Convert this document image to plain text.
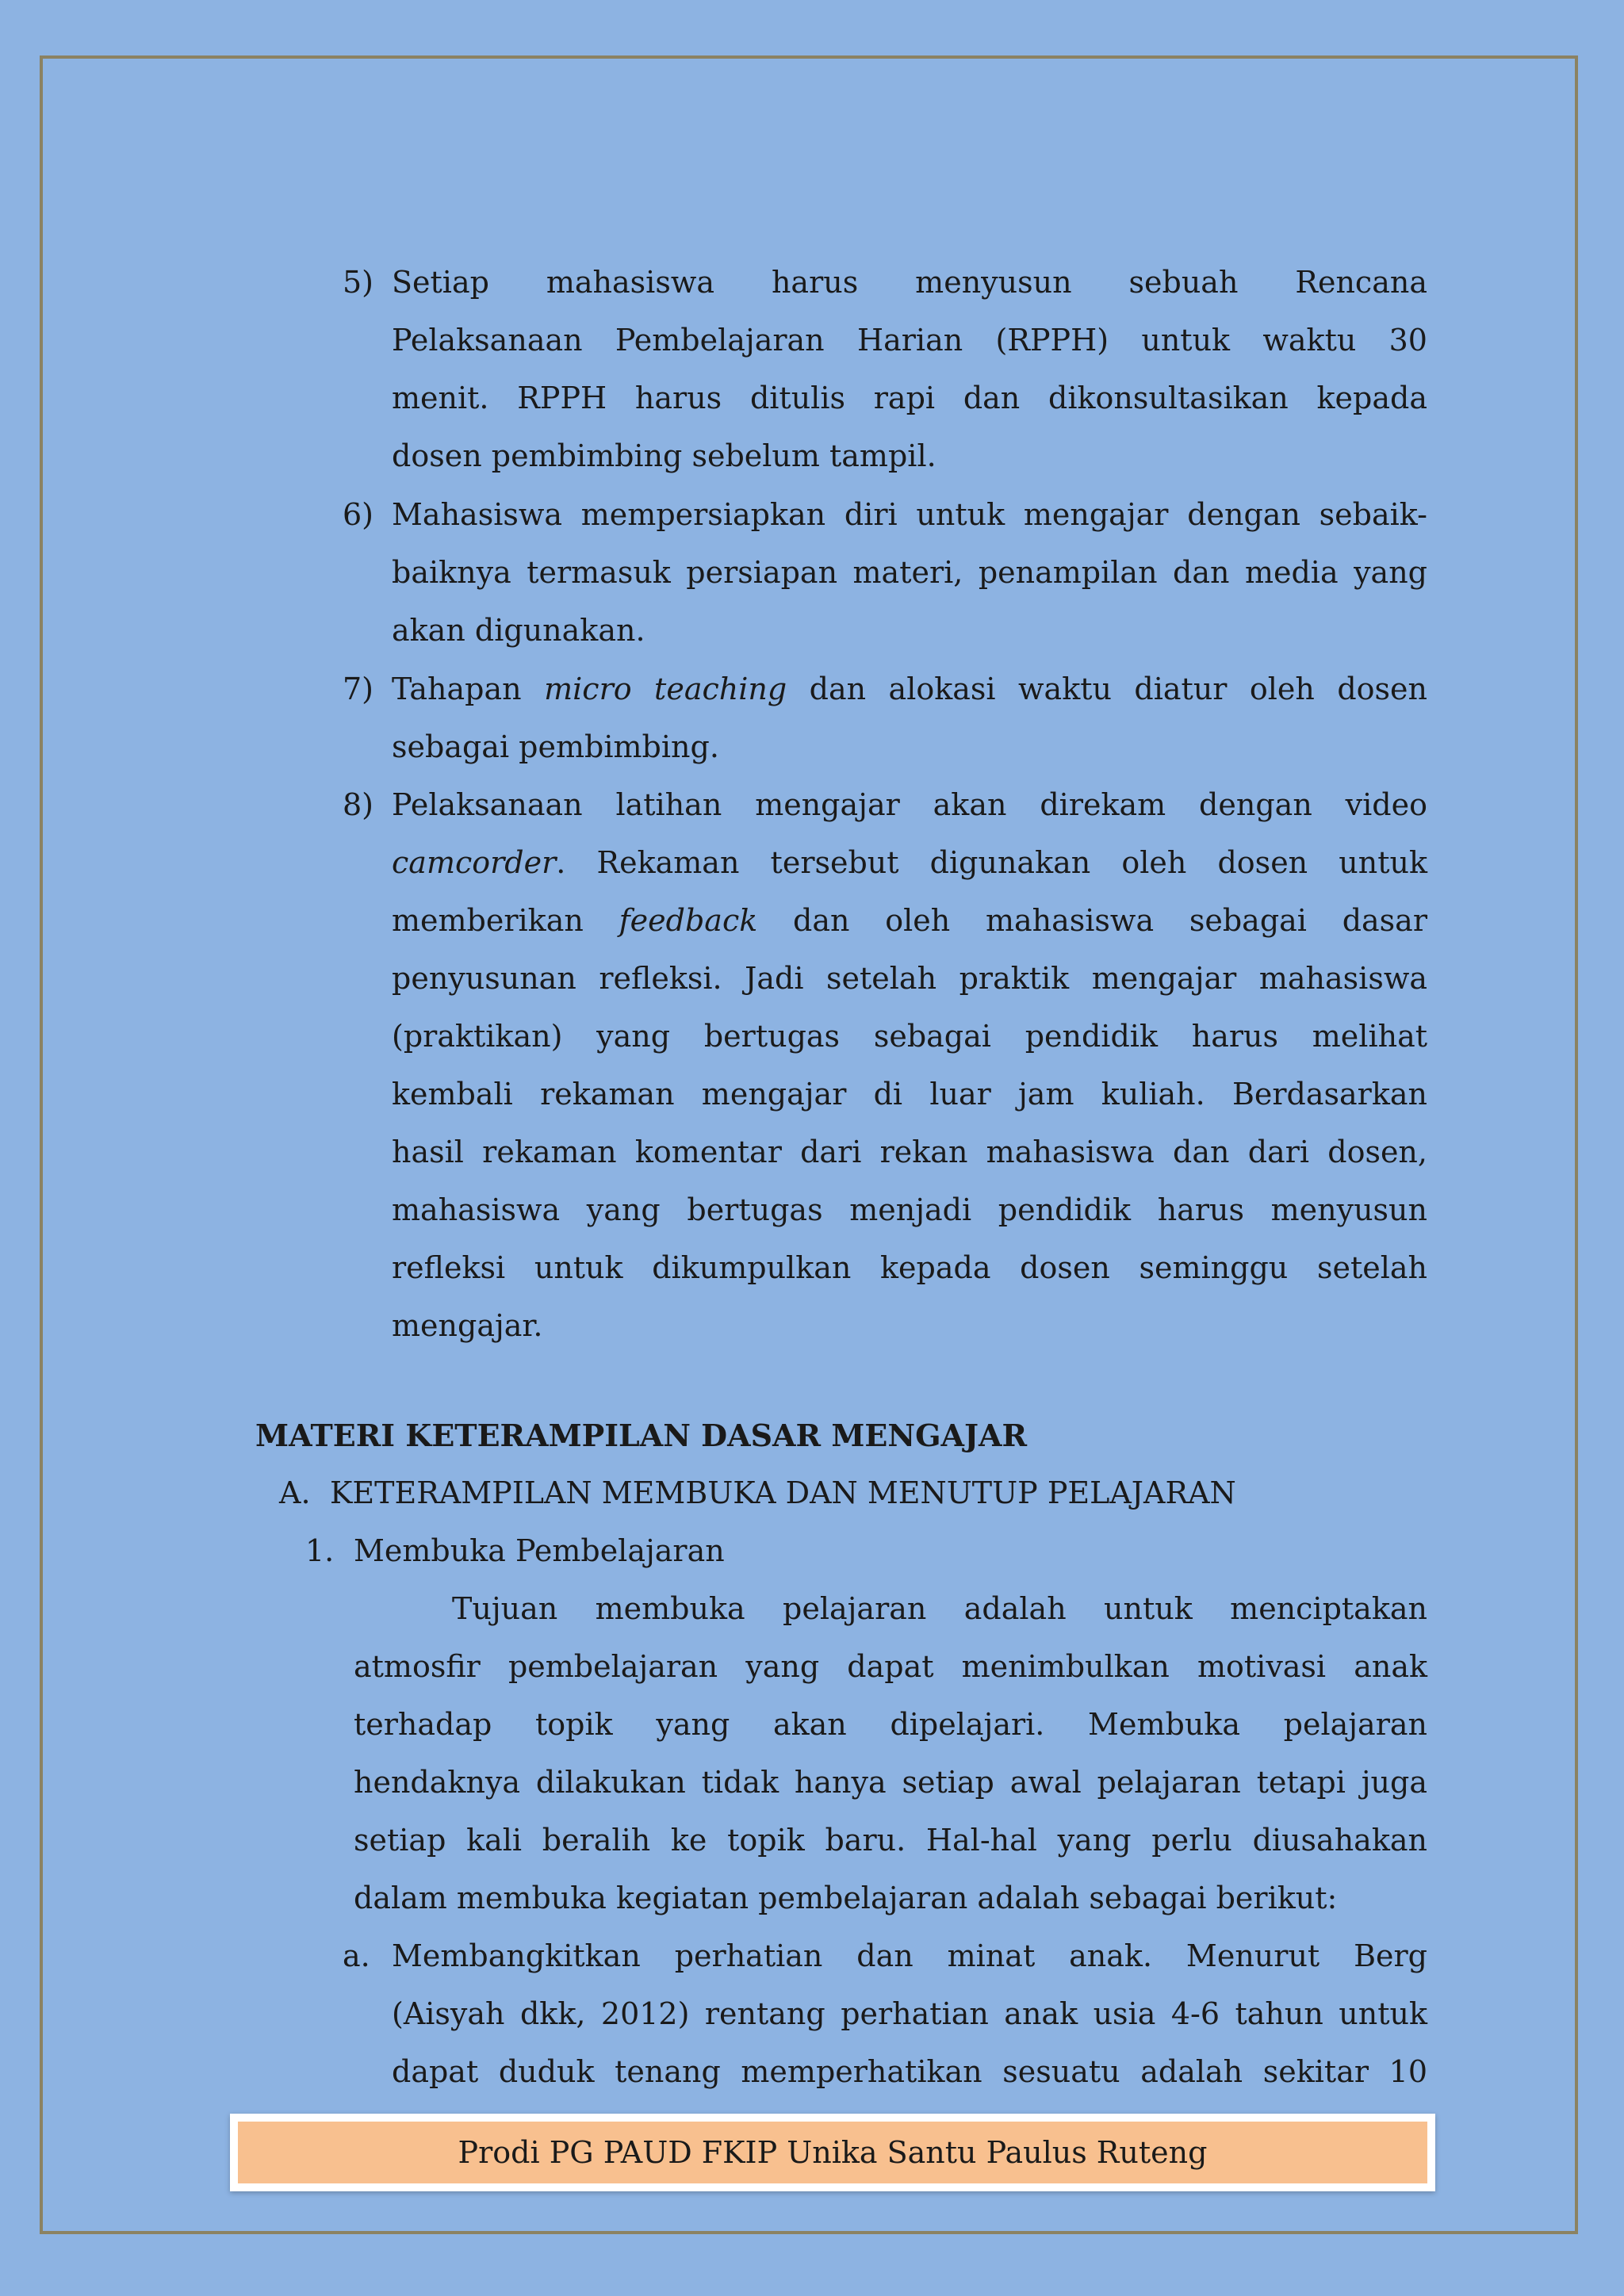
5) Setiap mahasiswa harus menyusun sebuah Rencana
Pelaksanaan Pembelajaran Harian (RPPH) untuk waktu 30
menit. RPPH harus ditulis rapi dan dikonsultasikan kepada
dosen pembimbing sebelum tampil.
6) Mahasiswa mempersiapkan diri untuk mengajar dengan sebaik-
baiknya termasuk persiapan materi, penampilan dan media yang
akan digunakan.
7) Tahapan micro teaching dan alokasi waktu diatur oleh dosen
sebagai pembimbing.
8) Pelaksanaan latihan mengajar akan direkam dengan video
camcorder. Rekaman tersebut digunakan oleh dosen untuk
memberikan feedback dan oleh mahasiswa sebagai dasar
penyusunan refleksi. Jadi setelah praktik mengajar mahasiswa
(praktikan) yang bertugas sebagai pendidik harus melihat
kembali rekaman mengajar di luar jam kuliah. Berdasarkan
hasil rekaman komentar dari rekan mahasiswa dan dari dosen,
mahasiswa yang bertugas menjadi pendidik harus menyusun
refleksi untuk dikumpulkan kepada dosen seminggu setelah
mengajar.
MATERI KETERAMPILAN DASAR MENGAJAR
A. KETERAMPILAN MEMBUKA DAN MENUTUP PELAJARAN
1. Membuka Pembelajaran
Tujuan membuka pelajaran adalah untuk menciptakan
atmosfir pembelajaran yang dapat menimbulkan motivasi anak
terhadap topik yang akan dipelajari. Membuka pelajaran
hendaknya dilakukan tidak hanya setiap awal pelajaran tetapi juga
setiap kali beralih ke topik baru. Hal-hal yang perlu diusahakan
dalam membuka kegiatan pembelajaran adalah sebagai berikut:
a. Membangkitkan perhatian dan minat anak. Menurut Berg
(Aisyah dkk, 2012) rentang perhatian anak usia 4-6 tahun untuk
dapat duduk tenang memperhatikan sesuatu adalah sekitar 10
Prodi PG PAUD FKIP Unika Santu Paulus Ruteng
